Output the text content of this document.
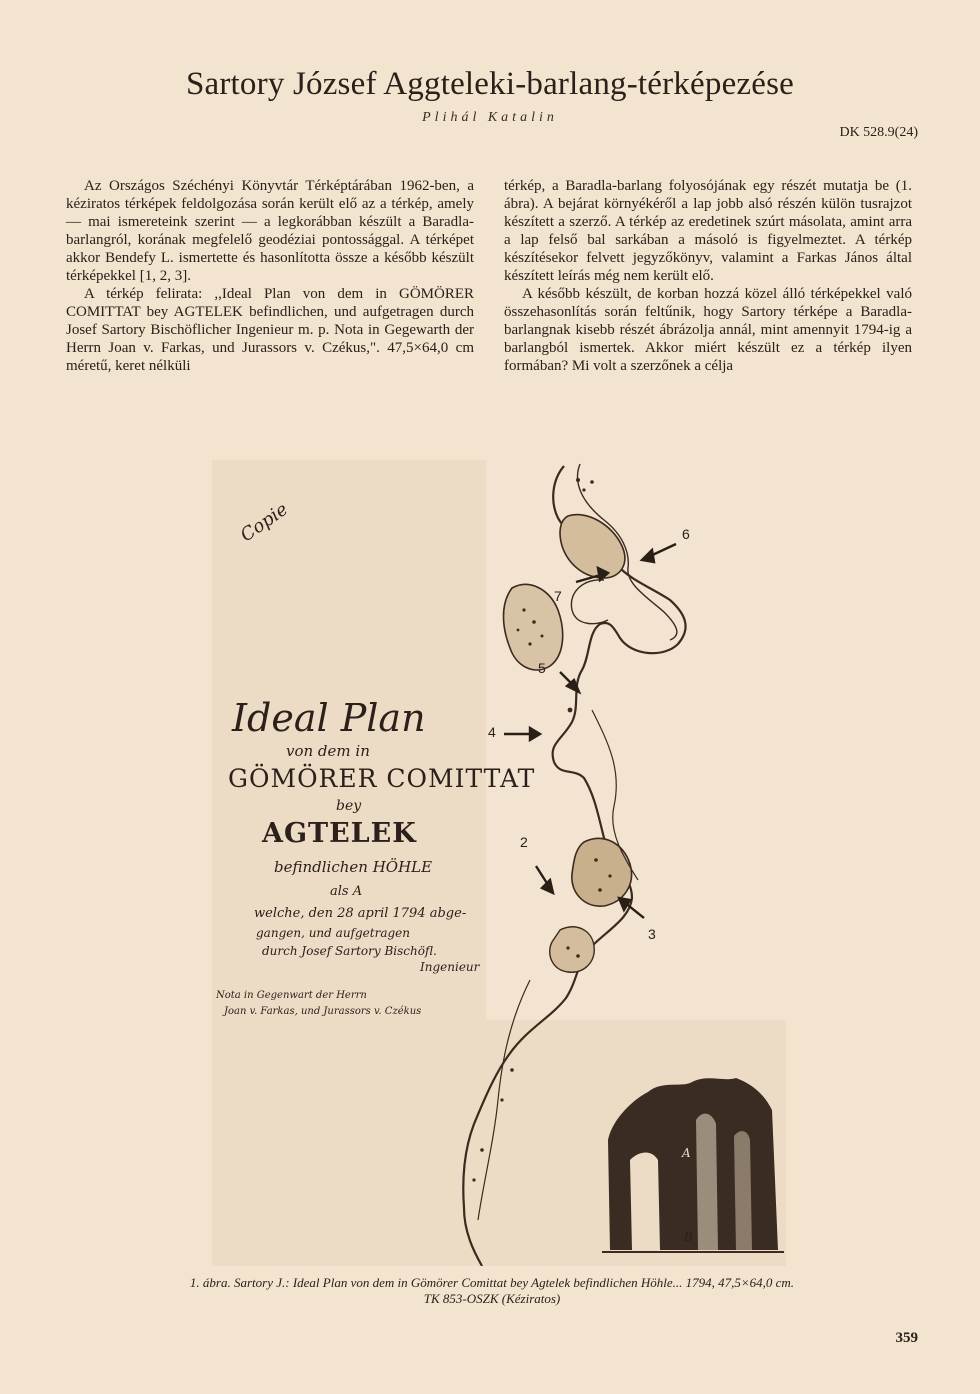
Sartory József Aggteleki-barlang-térképezése
Plihál Katalin
DK 528.9(24)

Az Országos Széchényi Könyvtár Térképtárában 1962-ben, a kéziratos térképek feldolgozása során került elő az a térkép, amely — mai ismereteink szerint — a legkorábban készült a Baradla-barlangról, korának megfelelő geodéziai pontossággal. A térképet akkor Bendefy L. ismertette és hasonlította össze a később készült térképekkel [1, 2, 3].

A térkép felirata: ,,Ideal Plan von dem in GÖMÖRER COMITTAT bey AGTELEK befindlichen, und aufgetragen durch Josef Sartory Bischöflicher Ingenieur m. p. Nota in Gegewarth der Herrn Joan v. Farkas, und Jurassors v. Czékus,". 47,5×64,0 cm méretű, keret nélküli

térkép, a Baradla-barlang folyosójának egy részét mutatja be (1. ábra). A bejárat környékéről a lap jobb alsó részén külön tusrajzot készített a szerző. A térkép az eredetinek szúrt másolata, amint arra a lap felső bal sarkában a másoló is figyelmeztet. A térkép készítésekor felvett jegyzőkönyv, valamint a Farkas János által készített leírás még nem került elő.

A később készült, de korban hozzá közel álló térképekkel való összehasonlítás során feltűnik, hogy Sartory térképe a Baradla-barlangnak kisebb részét ábrázolja annál, mint amennyit 1794-ig a barlangból ismertek. Akkor miért készült ez a térkép ilyen formában? Mi volt a szerzőnek a célja

Copie
Ideal Plan
von dem in
GÖMÖRER COMITTAT
bey
AGTELEK
befindlichen HÖHLE
als A
welche, den 28 april 1794 abge-
gangen, und aufgetragen
durch Josef Sartory Bischöfl.
Ingenieur
Nota in Gegenwart der Herrn
Joan v. Farkas, und Jurassors v. Czékus
2
3
4
5
6
7
A
B
1. ábra. Sartory J.: Ideal Plan von dem in Gömörer Comittat bey Agtelek befindlichen Höhle... 1794, 47,5×64,0 cm.
TK 853-OSZK (Kéziratos)
359
